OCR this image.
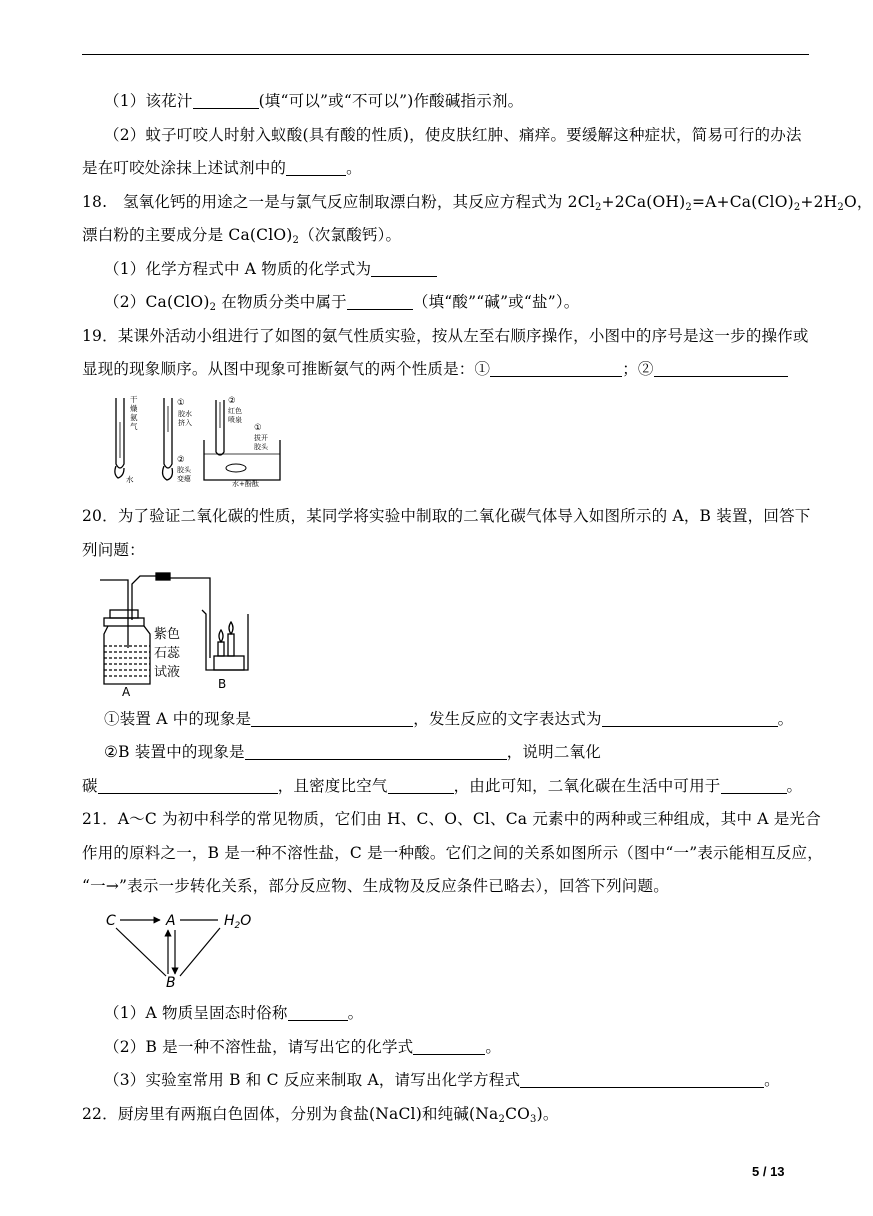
（1）该花汁	(填“可以”或“不可以”)作酸碱指示剂。
（2）蚊子叮咬人时射入蚁酸(具有酸的性质)，使皮肤红肿、痛痒。要缓解这种症状，简易可行的办法
是在叮咬处涂抹上述试剂中的	。
18.　氢氧化钙的用途之一是与氯气反应制取漂白粉，其反应方程式为 $2Cl_2+2Ca(OH)_2=A+Ca(ClO)_2+2H_2O$，
漂白粉的主要成分是 $Ca(ClO)_2$（次氯酸钙）。
（1）化学方程式中 A 物质的化学式为
$(2)Ca(ClO)_2$ 在物质分类中属于	（填“酸”“碱”或“盐”）。
19．某课外活动小组进行了如图的氨气性质实验，按从左至右顺序操作，小图中的序号是这一步的操作或
显现的现象顺序。从图中现象可推断氨气的两个性质是：①	；②
干
燥
氨
气
水
①
胶水
挤入
②
胶头
变瘪
②
红色
喷泉
①
拔开
胶头
水+酚酞
20．为了验证二氧化碳的性质，某同学将实验中制取的二氧化碳气体导入如图所示的 A，B 装置，回答下
列问题：
紫色
石蕊
试液
A
B
①装置 A 中的现象是	，发生反应的文字表达式为	。
②B 装置中的现象是	，说明二氧化
碳	，且密度比空气	，由此可知，二氧化碳在生活中可用于	。
21．A～C 为初中科学的常见物质，它们由 H、C、O、Cl、Ca 元素中的两种或三种组成，其中 A 是光合
作用的原料之一，B 是一种不溶性盐，C 是一种酸。它们之间的关系如图所示（图中“一”表示能相互反应，
“一→”表示一步转化关系，部分反应物、生成物及反应条件已略去），回答下列问题。
C	A	$H_2O$
B
（1）A 物质呈固态时俗称	。
（2）B 是一种不溶性盐，请写出它的化学式	。
（3）实验室常用 B 和 C 反应来制取 A，请写出化学方程式	。
22．厨房里有两瓶白色固体，分别为食盐(NaCl)和纯碱$(Na_2CO_3)$。
5 / 13
